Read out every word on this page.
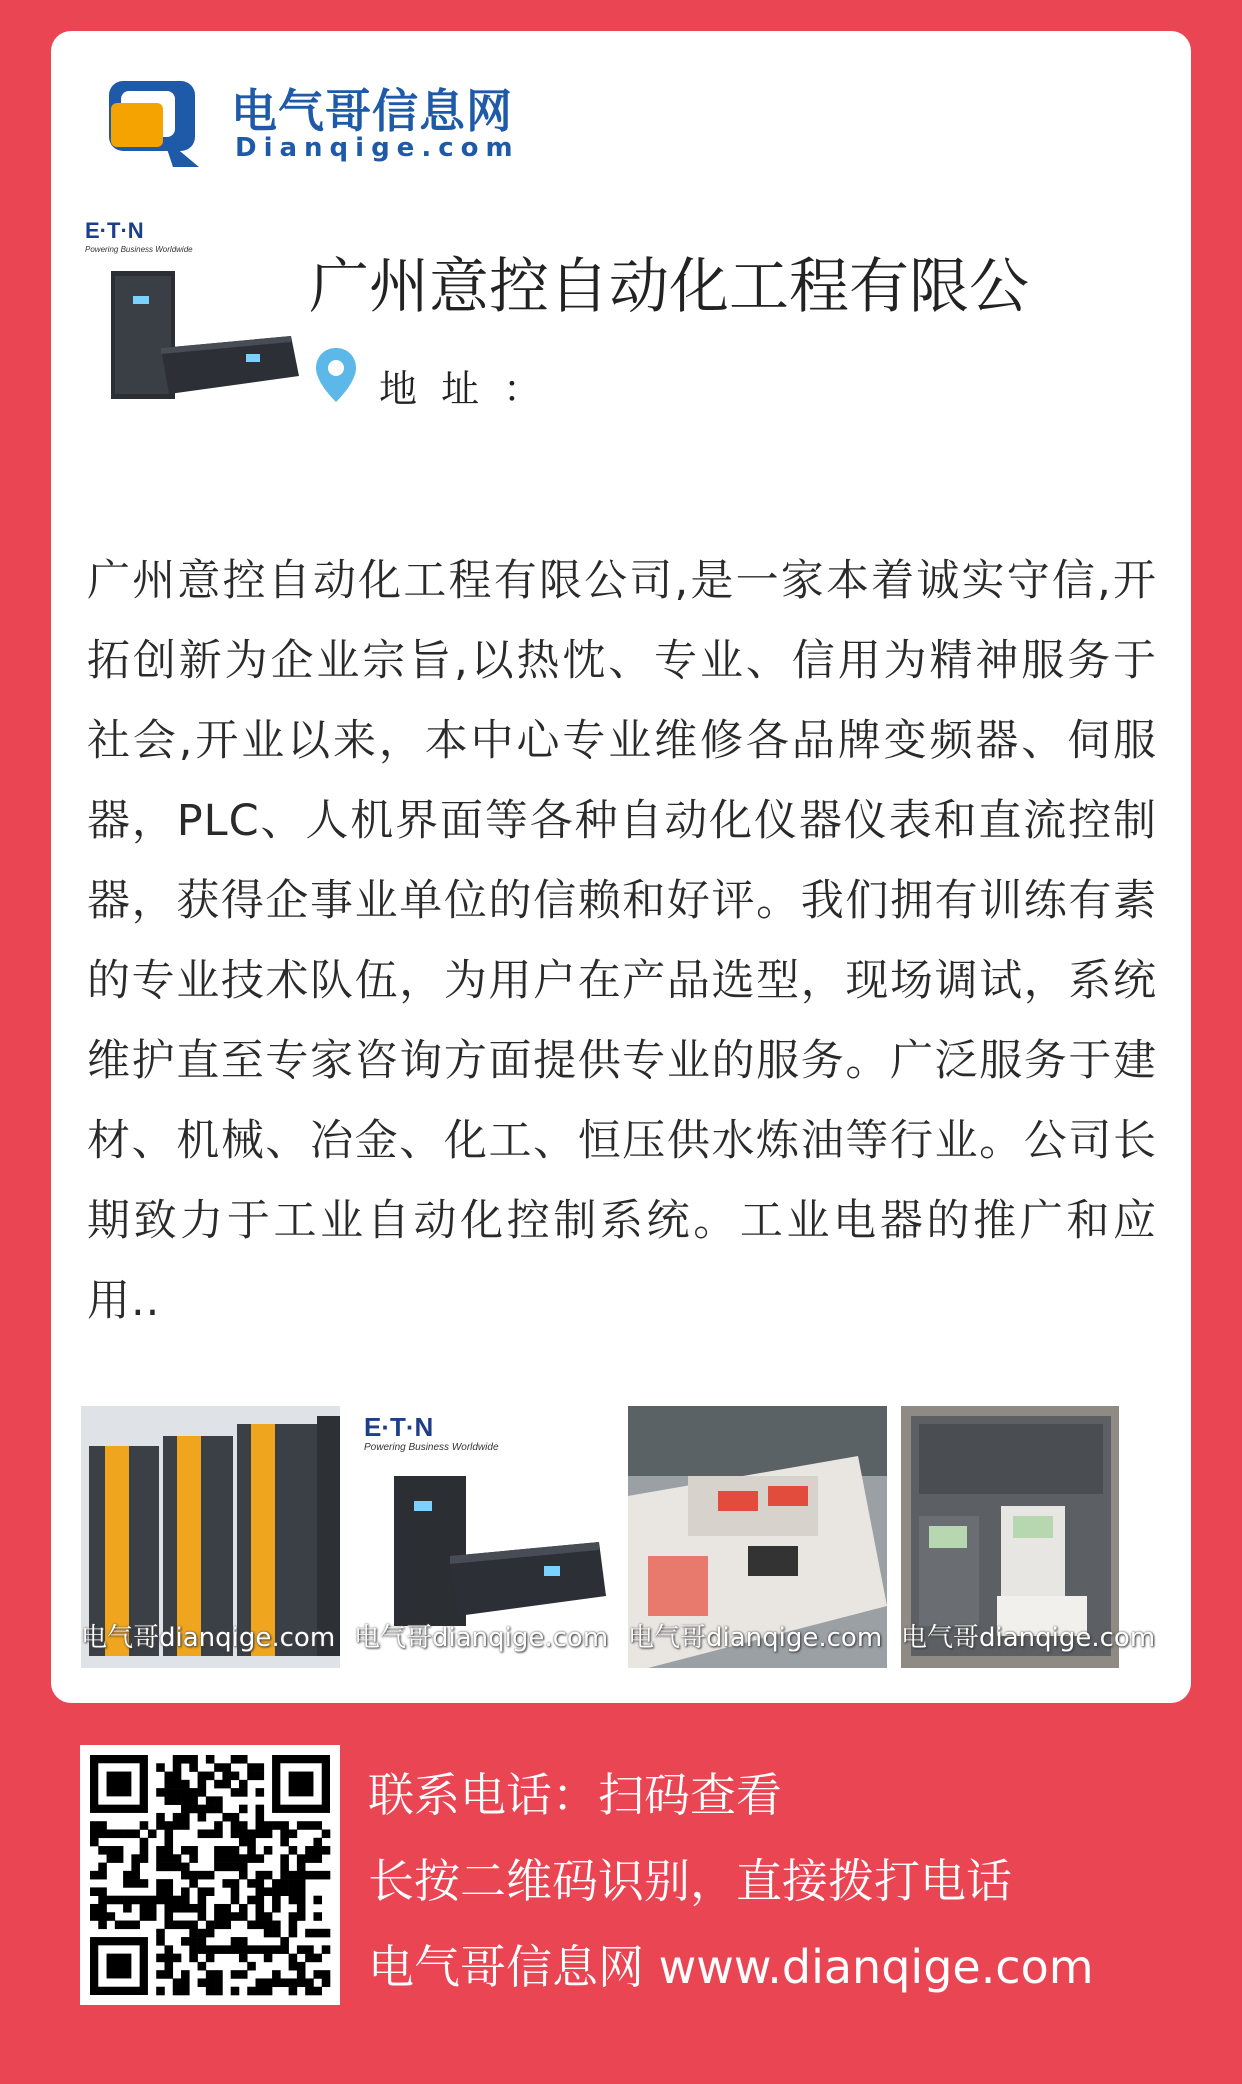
电气哥信息网
Dianqige.com
E·T·N
Powering Business Worldwide
广州意控自动化工程有限公
地 址 ：
广州意控自动化工程有限公司,是一家本着诚实守信,开拓创新为企业宗旨,以热忱、专业、信用为精神服务于社会,开业以来，本中心专业维修各品牌变频器、伺服器，PLC、人机界面等各种自动化仪器仪表和直流控制器，获得企事业单位的信赖和好评。我们拥有训练有素的专业技术队伍，为用户在产品选型，现场调试，系统维护直至专家咨询方面提供专业的服务。广泛服务于建材、机械、冶金、化工、恒压供水炼油等行业。公司长期致力于工业自动化控制系统。工业电器的推广和应用..
电气哥dianqige.com
E·T·N
Powering Business Worldwide
电气哥dianqige.com 电气哥dianqige.com 电气哥dianqige.com
联系电话：扫码查看
长按二维码识别，直接拨打电话
电气哥信息网 www.dianqige.com
